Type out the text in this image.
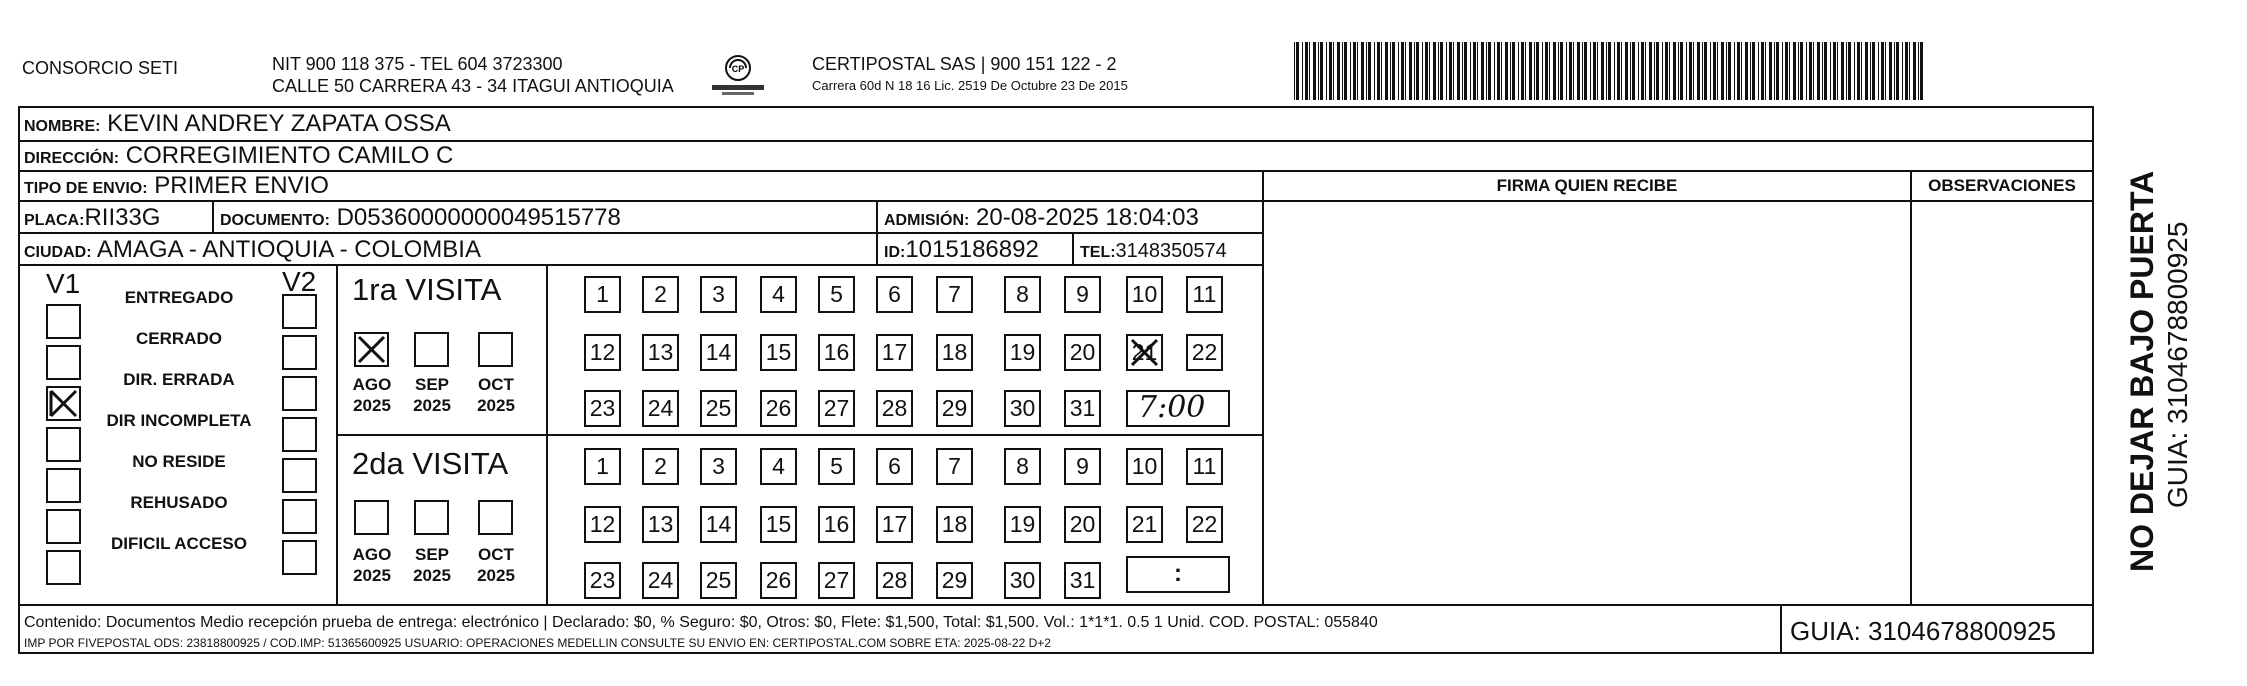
CONSORCIO SETI	NIT 900 118 375 - TEL 604 3723300
CALLE 50 CARRERA 43 - 34 ITAGUI ANTIOQUIA
CP	CERTIPOSTAL SAS | 900 151 122 - 2
Carrera 60d N 18 16 Lic. 2519 De Octubre 23 De 2015
NOMBRE: KEVIN ANDREY ZAPATA OSSA
DIRECCIÓN: CORREGIMIENTO CAMILO C
TIPO DE ENVIO: PRIMER ENVIO	FIRMA QUIEN RECIBE	OBSERVACIONES
PLACA:RII33G	DOCUMENTO: D05360000000049515778	ADMISIÓN: 20-08-2025 18:04:03
CIUDAD: AMAGA - ANTIOQUIA - COLOMBIA	ID:1015186892	TEL:3148350574
V1	V2
ENTREGADO
CERRADO
DIR. ERRADA
DIR INCOMPLETA
NO RESIDE
REHUSADO
DIFICIL ACCESO
1ra VISITA
2da VISITA
AGO
2025
SEP
2025
OCT
2025
AGO
2025
SEP
2025
OCT
2025
1	2	3	4	5	6	7	8	9	10 11
12 13 14 15 16 17 18 19 20 21 22
23 24 25 26 27 28 29 30 31
1	2	3	4	5	6	7	8	9	10 11
12 13 14 15 16 17 18 19 20 21 22
23 24 25 26 27 28 29 30 31
7:00
:
Contenido: Documentos Medio recepción prueba de entrega: electrónico | Declarado: $0, % Seguro: $0, Otros: $0, Flete: $1,500, Total: $1,500. Vol.: 1*1*1. 0.5 1 Unid. COD. POSTAL: 055840
IMP POR FIVEPOSTAL ODS: 23818800925 / COD.IMP: 51365600925 USUARIO: OPERACIONES MEDELLIN CONSULTE SU ENVIO EN: CERTIPOSTAL.COM SOBRE ETA: 2025-08-22 D+2	GUIA: 3104678800925
NO DEJAR BAJO PUERTA GUIA: 3104678800925
